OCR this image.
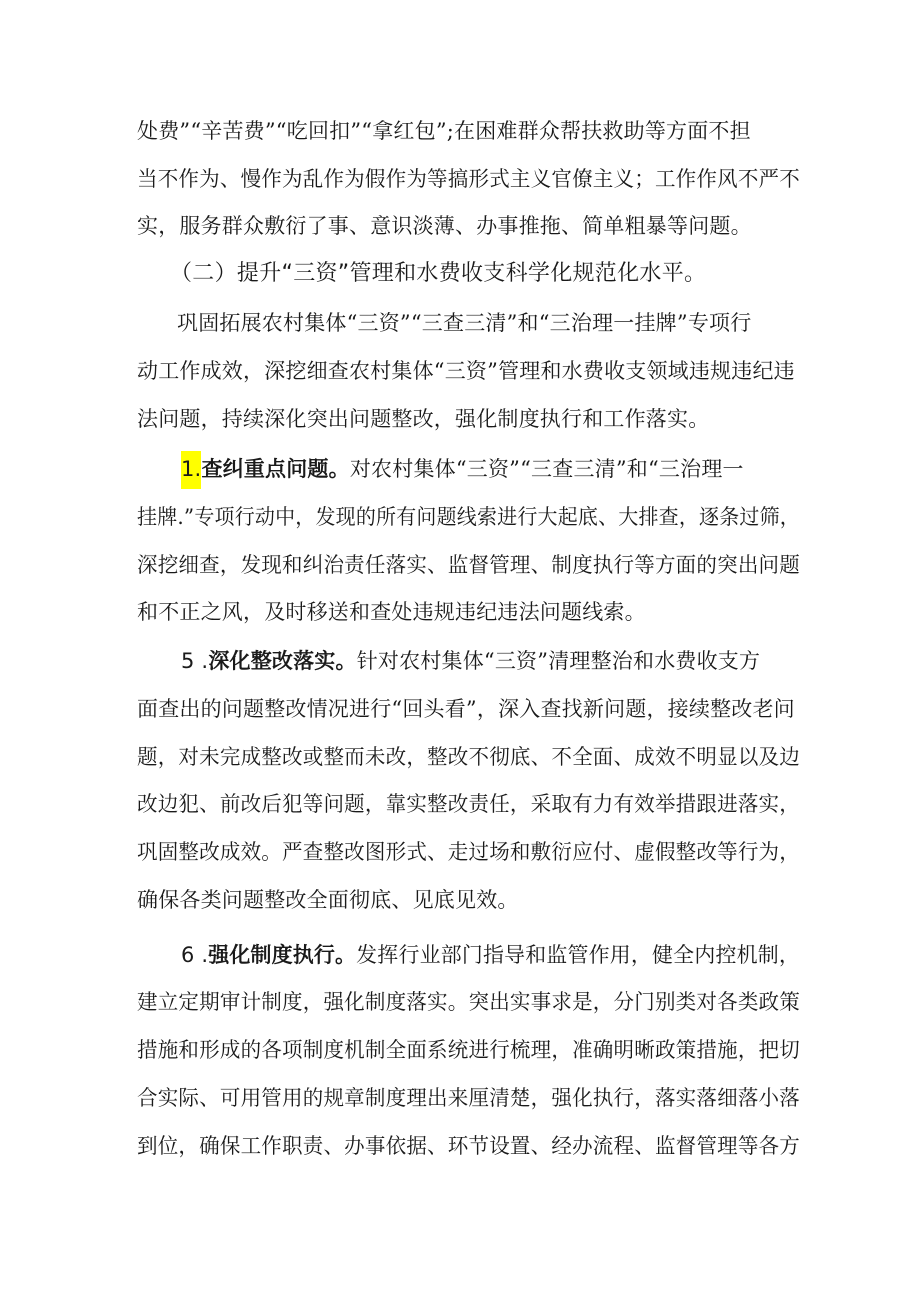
处费”“辛苦费”“吃回扣”“拿红包”;在困难群众帮扶救助等方面不担
当不作为、慢作为乱作为假作为等搞形式主义官僚主义；工作作风不严不
实，服务群众敷衍了事、意识淡薄、办事推拖、简单粗暴等问题。
（二）提升“三资”管理和水费收支科学化规范化水平。
巩固拓展农村集体“三资”“三查三清”和“三治理一挂牌”专项行
动工作成效，深挖细查农村集体“三资”管理和水费收支领域违规违纪违
法问题，持续深化突出问题整改，强化制度执行和工作落实。
1.查纠重点问题。对农村集体“三资”“三查三清”和“三治理一
挂牌.”专项行动中，发现的所有问题线索进行大起底、大排查，逐条过筛，
深挖细查，发现和纠治责任落实、监督管理、制度执行等方面的突出问题
和不正之风，及时移送和查处违规违纪违法问题线索。
5 .深化整改落实。针对农村集体“三资”清理整治和水费收支方
面查出的问题整改情况进行“回头看”，深入查找新问题，接续整改老问
题，对未完成整改或整而未改，整改不彻底、不全面、成效不明显以及边
改边犯、前改后犯等问题，靠实整改责任，采取有力有效举措跟进落实，
巩固整改成效。严查整改图形式、走过场和敷衍应付、虚假整改等行为，
确保各类问题整改全面彻底、见底见效。
6 .强化制度执行。发挥行业部门指导和监管作用，健全内控机制，
建立定期审计制度，强化制度落实。突出实事求是，分门别类对各类政策
措施和形成的各项制度机制全面系统进行梳理，准确明晰政策措施，把切
合实际、可用管用的规章制度理出来厘清楚，强化执行，落实落细落小落
到位，确保工作职责、办事依据、环节设置、经办流程、监督管理等各方
